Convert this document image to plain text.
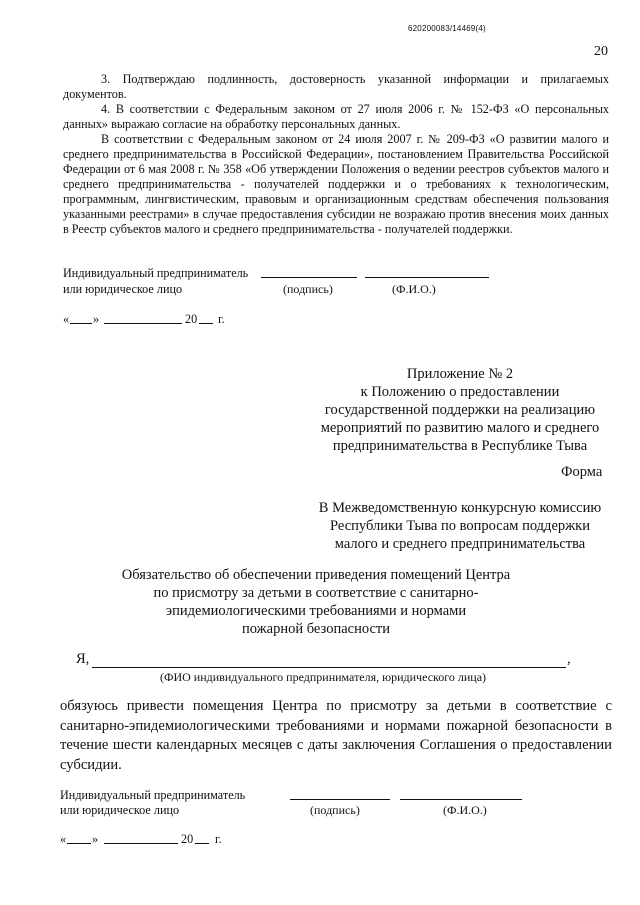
620200083/14469(4)
20

3. Подтверждаю подлинность, достоверность указанной информации и прилагаемых документов.

4. В соответствии с Федеральным законом от 27 июля 2006 г. № 152-ФЗ «О персональных данных» выражаю согласие на обработку персональных данных.

В соответствии с Федеральным законом от 24 июля 2007 г. № 209-ФЗ «О развитии малого и среднего предпринимательства в Российской Федерации», постановлением Правительства Российской Федерации от 6 мая 2008 г. № 358 «Об утверждении Положения о ведении реестров субъектов малого и среднего предпринимательства - получателей поддержки и о требованиях к технологическим, программным, лингвистическим, правовым и организационным средствам обеспечения пользования указанными реестрами» в случае предоставления субсидии не возражаю против внесения моих данных в Реестр субъектов малого и среднего предпринимательства - получателей поддержки.

Индивидуальный предприниматель
или юридическое лицо	(подпись)	(Ф.И.О.)
« »	20 г.
Приложение № 2
к Положению о предоставлении
государственной поддержки на реализацию
мероприятий по развитию малого и среднего
предпринимательства в Республике Тыва
Форма
В Межведомственную конкурсную комиссию
Республики Тыва по вопросам поддержки
малого и среднего предпринимательства
Обязательство об обеспечении приведения помещений Центра
по присмотру за детьми в соответствие с санитарно-
эпидемиологическими требованиями и нормами
пожарной безопасности
Я,	,
(ФИО индивидуального предпринимателя, юридического лица)

обязуюсь привести помещения Центра по присмотру за детьми в соответствие с санитарно-эпидемиологическими требованиями и нормами пожарной безопасности в течение шести календарных месяцев с даты заключения Соглашения о предоставлении субсидии.

Индивидуальный предприниматель
или юридическое лицо	(подпись)	(Ф.И.О.)
« »	20 г.
